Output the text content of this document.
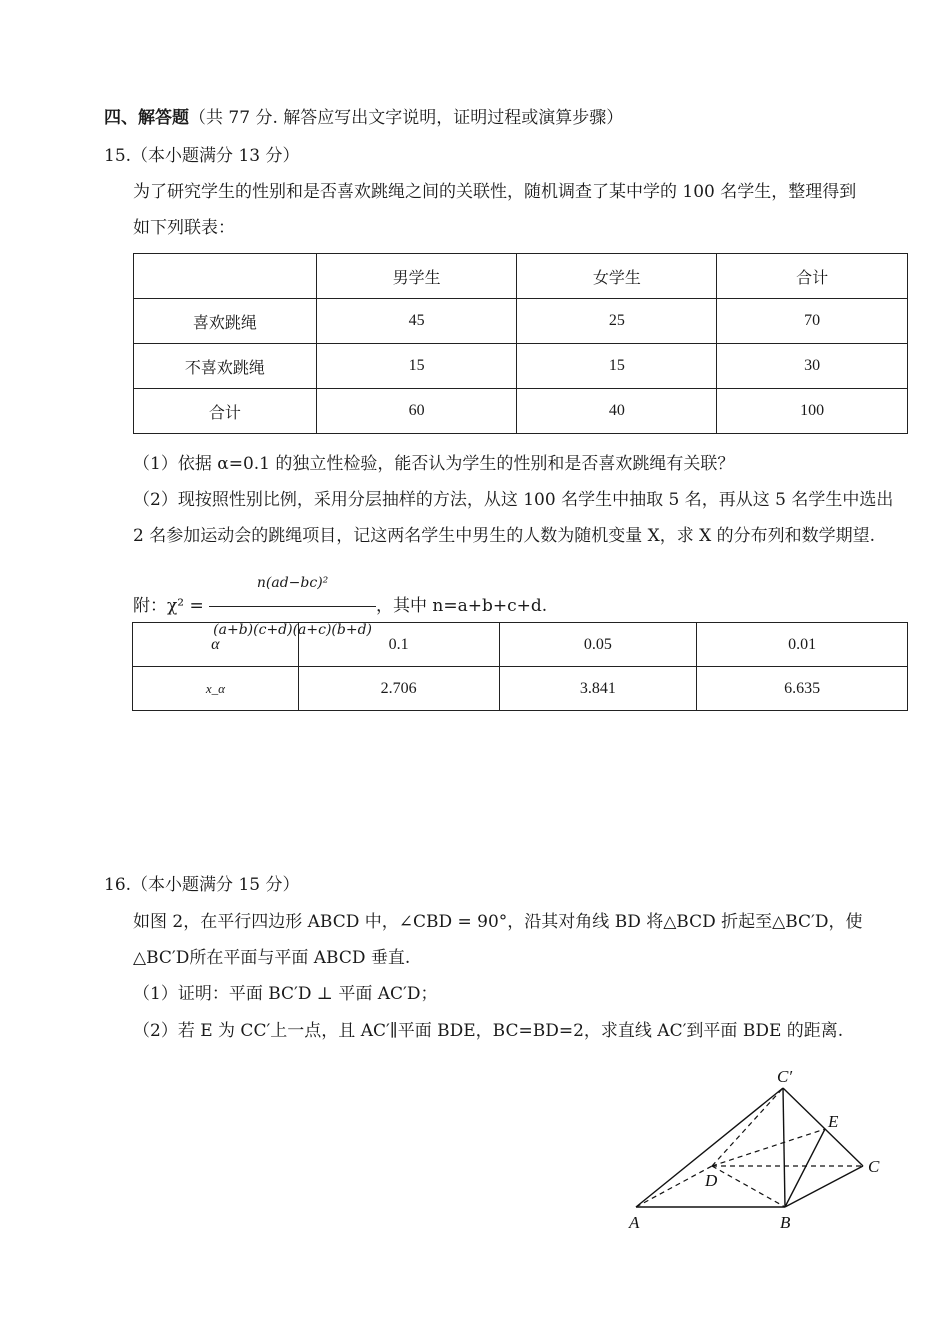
四、解答题（共 77 分. 解答应写出文字说明，证明过程或演算步骤）
15.（本小题满分 13 分）
为了研究学生的性别和是否喜欢跳绳之间的关联性，随机调查了某中学的 100 名学生，整理得到
如下列联表：
	男学生	女学生	合计
喜欢跳绳	45	25	70
不喜欢跳绳	15	15	30
合计	60	40	100
（1）依据 α=0.1 的独立性检验，能否认为学生的性别和是否喜欢跳绳有关联？
（2）现按照性别比例，采用分层抽样的方法，从这 100 名学生中抽取 5 名，再从这 5 名学生中选出
2 名参加运动会的跳绳项目，记这两名学生中男生的人数为随机变量 X，求 X 的分布列和数学期望.
附：$\chi^2 = \frac{\text{n(ad−bc)²}}{(a+b)(c+d)(a+c)(b+d)}$ ，其中 n=a+b+c+d.
α	0.1	0.05	0.01
x_α	2.706	3.841	6.635
16.（本小题满分 15 分）
如图 2，在平行四边形 ABCD 中，∠CBD = 90°，沿其对角线 BD 将△BCD 折起至△BC′D，使
△BC′D所在平面与平面 ABCD 垂直.
（1）证明：平面 BC′D ⊥ 平面 AC′D；
（2）若 E 为 CC′上一点，且 AC′∥平面 BDE，BC=BD=2，求直线 AC′到平面 BDE 的距离.
C′
E
C
D
A	B
